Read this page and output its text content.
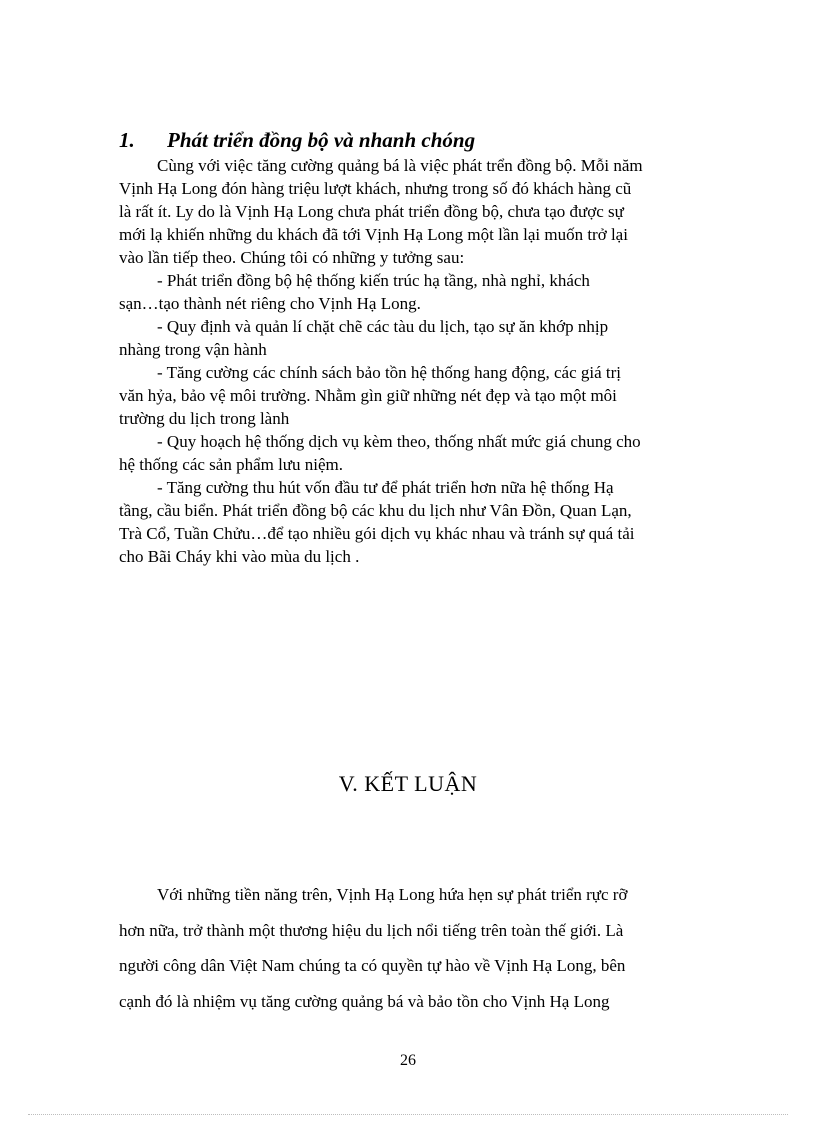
1. Phát triển đồng bộ và nhanh chóng
Cùng với việc tăng cường quảng bá là việc phát trển đồng bộ. Mỗi năm
Vịnh Hạ Long đón hàng triệu lượt khách, nhưng trong số đó khách hàng cũ
là rất ít. Ly do là Vịnh Hạ Long chưa phát triển đồng bộ, chưa tạo được sự
mới lạ khiến những du khách đã tới Vịnh Hạ Long một lần lại muốn trở lại
vào lần tiếp theo. Chúng tôi có những y tưởng sau:
- Phát triển đồng bộ hệ thống kiến trúc hạ tầng, nhà nghỉ, khách
sạn…tạo thành nét riêng cho Vịnh Hạ Long.
- Quy định và quản lí chặt chẽ các tàu du lịch, tạo sự ăn khớp nhịp
nhàng trong vận hành
- Tăng cường các chính sách bảo tồn hệ thống hang động, các giá trị
văn hỷa, bảo vệ môi trường. Nhằm gìn giữ những nét đẹp và tạo một môi
trường du lịch trong lành
- Quy hoạch hệ thống dịch vụ kèm theo, thống nhất mức giá chung cho
hệ thống các sản phẩm lưu niệm.
- Tăng cường thu hút vốn đầu tư để phát triển hơn nữa hệ thống Hạ
tầng, cầu biển. Phát triển đồng bộ các khu du lịch như Vân Đồn, Quan Lạn,
Trà Cổ, Tuần Chửu…để tạo nhiều gói dịch vụ khác nhau và tránh sự quá tải
cho Bãi Cháy khi vào mùa du lịch .
V. KẾT LUẬN
Với những tiền năng trên, Vịnh Hạ Long hứa hẹn sự phát triển rực rỡ
hơn nữa, trở thành một thương hiệu du lịch nổi tiếng trên toàn thế giới. Là
người công dân Việt Nam chúng ta có quyền tự hào về Vịnh Hạ Long, bên
cạnh đó là nhiệm vụ tăng cường quảng bá và bảo tồn cho Vịnh Hạ Long
26
